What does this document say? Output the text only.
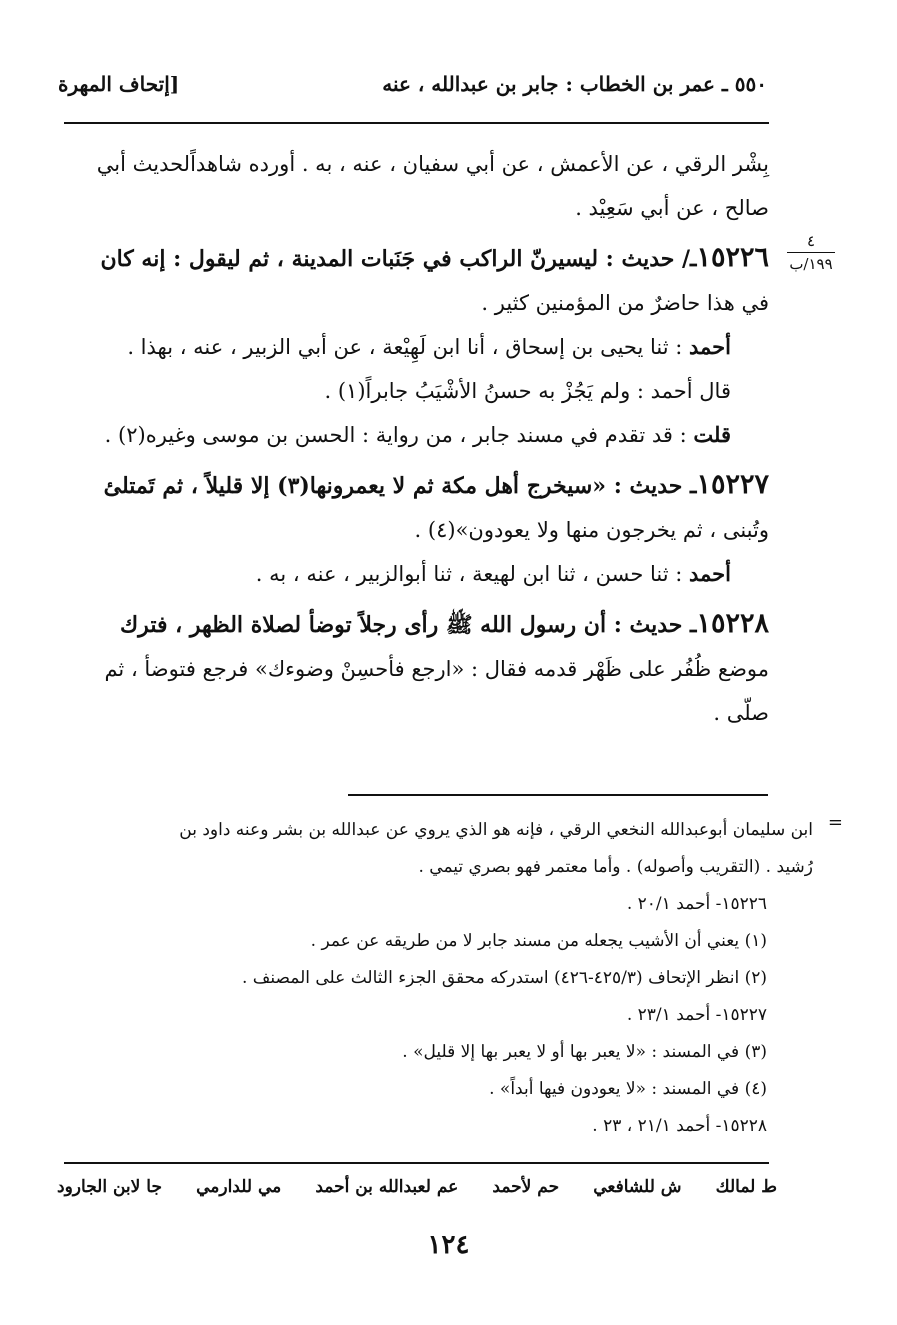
٥٥٠ ـ عمر بن الخطاب : جابر بن عبدالله ، عنه
[إتحاف المهرة
٤
١٩٩/ب

بِشْر الرقي ، عن الأعمش ، عن أبي سفيان ، عنه ، به . أورده شاهداًلحديث أبي

صالح ، عن أبي سَعِيْد .

١٥٢٢٦ـ/ حديث : ليسيرنّ الراكب في جَنَبات المدينة ، ثم ليقول : إنه كان

في هذا حاضرٌ من المؤمنين كثير .

أحمد : ثنا يحيى بن إسحاق ، أنا ابن لَهِيْعة ، عن أبي الزبير ، عنه ، بهذا .

قال أحمد : ولم يَجُزْ به حسنُ الأشْيَبُ جابراً(١) .

قلت : قد تقدم في مسند جابر ، من رواية : الحسن بن موسى وغيره(٢) .

١٥٢٢٧ـ حديث : «سيخرج أهل مكة ثم لا يعمرونها(٣) إلا قليلاً ، ثم تَمتلئ

وتُبنى ، ثم يخرجون منها ولا يعودون»(٤) .

أحمد : ثنا حسن ، ثنا ابن لهيعة ، ثنا أبوالزبير ، عنه ، به .

١٥٢٢٨ـ حديث : أن رسول الله ﷺ رأى رجلاً توضأ لصلاة الظهر ، فترك

موضع ظُفُر على ظَهْر قدمه فقال : «ارجع فأحسِنْ وضوءك» فرجع فتوضأ ، ثم

صلّى .

=

ابن سليمان أبوعبدالله النخعي الرقي ، فإنه هو الذي يروي عن عبدالله بن بشر وعنه داود بن

رُشيد . (التقريب وأصوله) . وأما معتمر فهو بصري تيمي .

١٥٢٢٦- أحمد ٢٠/١ .

(١) يعني أن الأشيب يجعله من مسند جابر لا من طريقه عن عمر .

(٢) انظر الإتحاف (٤٢٥/٣-٤٢٦) استدركه محقق الجزء الثالث على المصنف .

١٥٢٢٧- أحمد ٢٣/١ .

(٣) في المسند : «لا يعبر بها أو لا يعبر بها إلا قليل» .

(٤) في المسند : «لا يعودون فيها أبداً» .

١٥٢٢٨- أحمد ٢١/١ ، ٢٣ .

ط لمالك
ش للشافعي
حم لأحمد
عم لعبدالله بن أحمد
مي للدارمي
جا لابن الجارود
١٢٤
